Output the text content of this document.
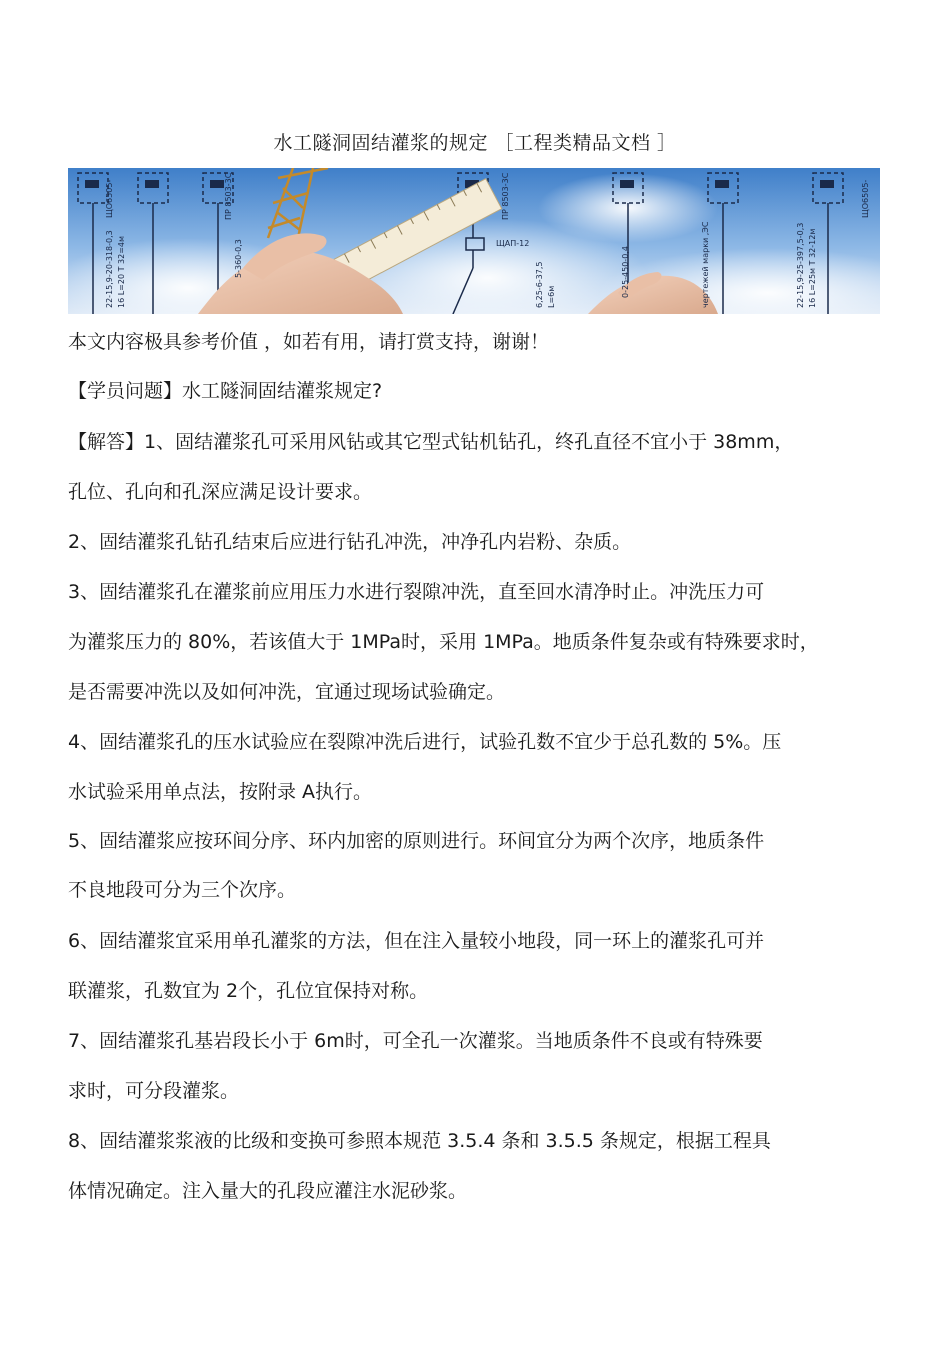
水工隧洞固结灌浆的规定 ［工程类精品文档 ］
ЩО6505-
22-15,9-20-318-0,3 16 L=20 T 32=4м
ПР 8503-3С
ЩАП-12
5-360-0,3
6,25-6-37,5 L=6м
ПР 8503-3С
0-25-450-0,4	чертежей марки ,ЭС	22-15,9-25-397,5-0,3 16 L=25м T 32-12м
ЩО6505-
本文内容极具参考价值 ，如若有用，请打赏支持，谢谢！
【学员问题】水工隧洞固结灌浆规定?
【解答】1、固结灌浆孔可采用风钻或其它型式钻机钻孔，终孔直径不宜小于 38mm，
孔位、孔向和孔深应满足设计要求。
2、固结灌浆孔钻孔结束后应进行钻孔冲洗，冲净孔内岩粉、杂质。
3、固结灌浆孔在灌浆前应用压力水进行裂隙冲洗，直至回水清净时止。冲洗压力可
为灌浆压力的 80%，若该值大于 1MPa时，采用 1MPa。地质条件复杂或有特殊要求时，
是否需要冲洗以及如何冲洗，宜通过现场试验确定。
4、固结灌浆孔的压水试验应在裂隙冲洗后进行，试验孔数不宜少于总孔数的 5%。压
水试验采用单点法，按附录 A执行。
5、固结灌浆应按环间分序、环内加密的原则进行。环间宜分为两个次序，地质条件
不良地段可分为三个次序。
6、固结灌浆宜采用单孔灌浆的方法，但在注入量较小地段，同一环上的灌浆孔可并
联灌浆，孔数宜为 2个，孔位宜保持对称。
7、固结灌浆孔基岩段长小于 6m时，可全孔一次灌浆。当地质条件不良或有特殊要
求时，可分段灌浆。
8、固结灌浆浆液的比级和变换可参照本规范 3.5.4 条和 3.5.5 条规定，根据工程具
体情况确定。注入量大的孔段应灌注水泥砂浆。
